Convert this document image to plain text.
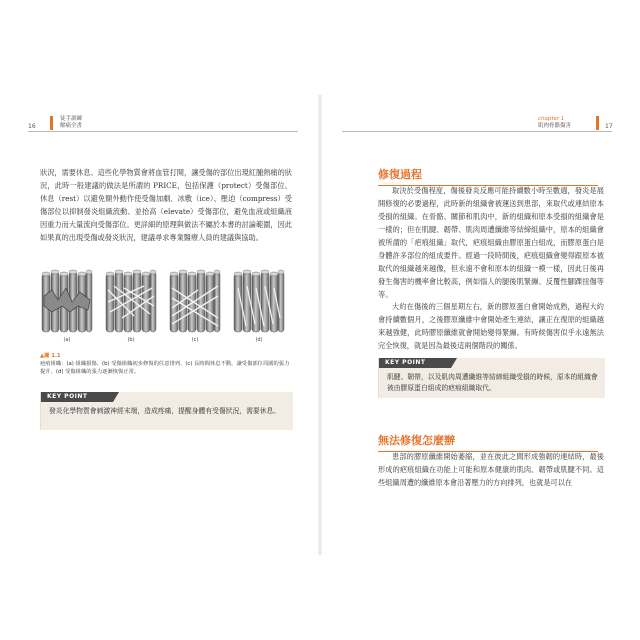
16
徒手訓練
解痛全書

狀況，需要休息。這些化學物質會將血管打開，讓受傷的部位出現紅腫熱痛的狀況，此時一般建議的做法是所謂的 PRICE，包括保護（protect）受傷部位、休息（rest）以避免額外動作使受傷加劇、冰敷（ice）、壓迫（compress）受傷部位以抑制發炎組織流動、並抬高（elevate）受傷部位，避免血液或組織液因重力而大量流向受傷部位。更詳細的原理與做法不屬於本書的討論範圍，因此如果真的出現受傷或發炎狀況，建議尋求專業醫療人員的建議與協助。

(a)	(b)	(c)	(d)
▲圖 1.1
疤痕組織：(a) 組織損傷、(b) 受傷組織初步修復的任意排列、(c) 長時間休息不動，讓受傷部位周圍的張力提升、(d) 受傷組織的張力逐漸恢復正常。
KEY POINT
發炎化學物質會刺激神經末端，造成疼痛，提醒身體有受傷狀況，需要休息。
chapter 1
肌肉骨骼傷害	17
修復過程

取決於受傷程度，傷後發炎反應可能持續數小時至數週，發炎是展開修復的必要過程，此時新的組織會被運送到患部，來取代或連結原本受損的組織。在骨骼、關節和肌肉中，新的組織和原本受損的組織會是一樣的；但在肌腱、韌帶、肌肉周遭纖維等結締組織中，原本的組織會被所謂的「疤痕組織」取代，疤痕組織由膠原蛋白組成，而膠原蛋白是身體許多部位的組成要件。經過一段時間後，疤痕組織會變得跟原本被取代的組織越來越像，但永遠不會和原本的組織一模一樣，因此日後再發生傷害的機率會比較高，例如惱人的腿後肌緊繃、反覆性腳踝扭傷等等。

大約在傷後的三個星期左右，新的膠原蛋白會開始成熟，過程大約會持續數個月，之後膠原纖維中會開始產生連結，讓正在復原的組織越來越強健，此時膠原纖維就會開始變得緊繃。有時候傷害似乎永遠無法完全恢復，就是因為最後這兩個階段的關係。

KEY POINT
肌腱、韌帶，以及肌肉周遭纖維等結締組織受損的時候，原本的組織會被由膠原蛋白組成的疤痕組織取代。
無法修復怎麼辦

患部的膠原纖維開始萎縮，並在彼此之間形成強韌的連結時，最後形成的疤痕組織在功能上可能和原本健康的肌肉、韌帶或肌腱不同。這些組織周遭的纖維原本會沿著壓力的方向排列，也就是可以在
